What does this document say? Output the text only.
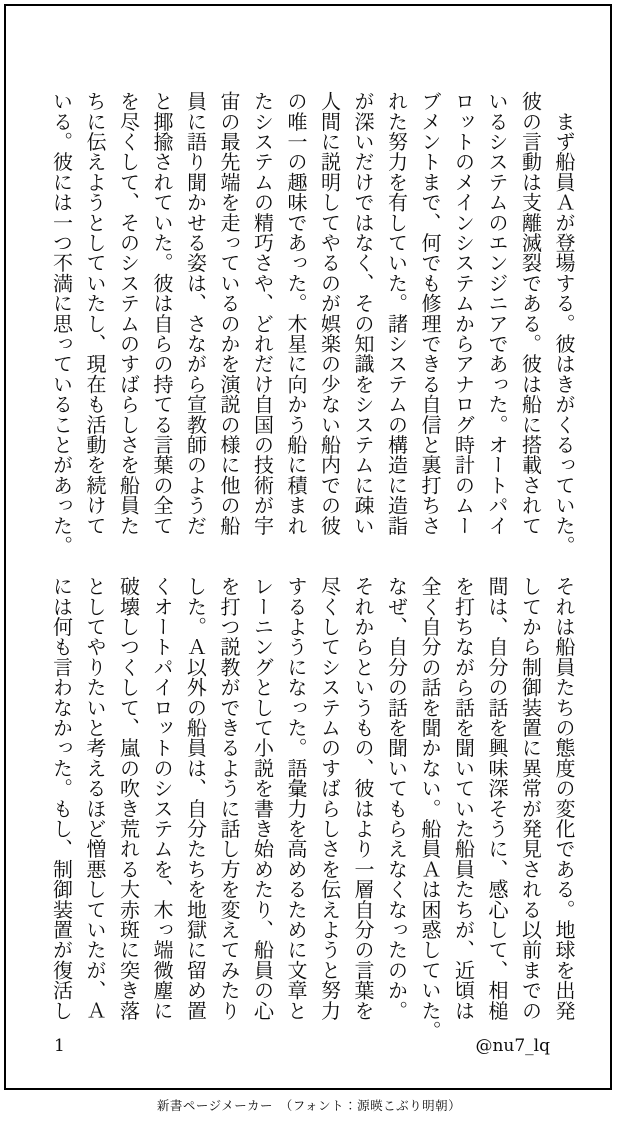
　まず船員Ａが登場する。彼はきがくるっていた。

彼の言動は支離滅裂である。彼は船に搭載されて

いるシステムのエンジニアであった。オートパイ

ロットのメインシステムからアナログ時計のムー

ブメントまで、何でも修理できる自信と裏打ちさ

れた努力を有していた。諸システムの構造に造詣

が深いだけではなく、その知識をシステムに疎い

人間に説明してやるのが娯楽の少ない船内での彼

の唯一の趣味であった。木星に向かう船に積まれ

たシステムの精巧さや、どれだけ自国の技術が宇

宙の最先端を走っているのかを演説の様に他の船

員に語り聞かせる姿は、さながら宣教師のようだ

と揶揄されていた。彼は自らの持てる言葉の全て

を尽くして、そのシステムのすばらしさを船員た

ちに伝えようとしていたし、現在も活動を続けて

いる。彼には一つ不満に思っていることがあった。

それは船員たちの態度の変化である。地球を出発

してから制御装置に異常が発見される以前までの

間は、自分の話を興味深そうに、感心して、相槌

を打ちながら話を聞いていた船員たちが、近頃は

全く自分の話を聞かない。船員Ａは困惑していた。

なぜ、自分の話を聞いてもらえなくなったのか。

それからというもの、彼はより一層自分の言葉を

尽くしてシステムのすばらしさを伝えようと努力

するようになった。語彙力を高めるために文章と

レーニングとして小説を書き始めたり、船員の心

を打つ説教ができるように話し方を変えてみたり

した。Ａ以外の船員は、自分たちを地獄に留め置

くオートパイロットのシステムを、木っ端微塵に

破壊しつくして、嵐の吹き荒れる大赤斑に突き落

としてやりたいと考えるほど憎悪していたが、Ａ

には何も言わなかった。もし、制御装置が復活し

1	@nu7_lq
新書ページメーカー　（フォント：源暎こぶり明朝）
